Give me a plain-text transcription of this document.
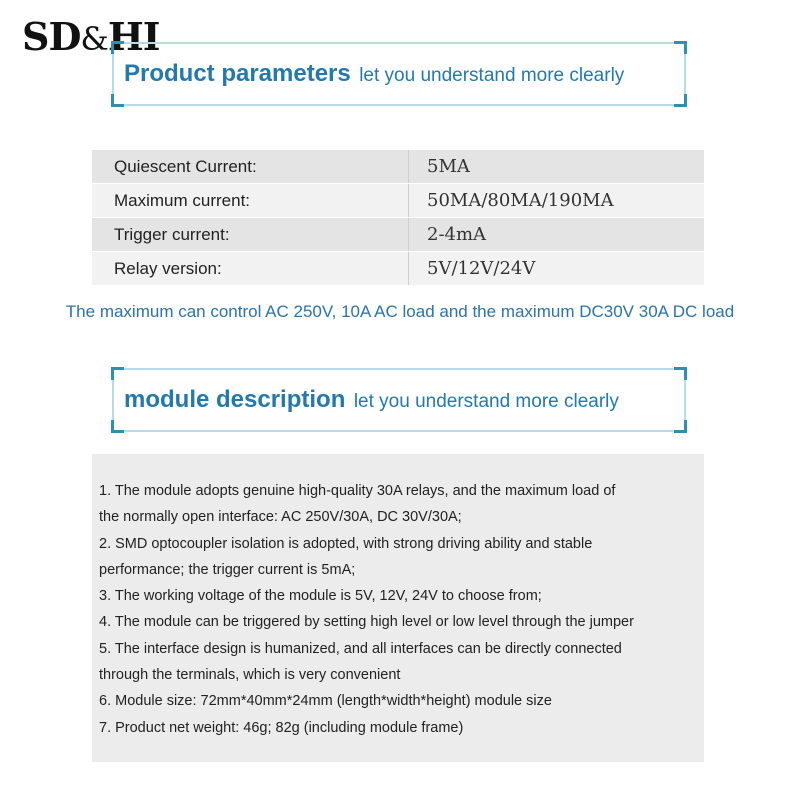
SD&HI
Product parameters let you understand more clearly
Quiescent Current:	5MA
Maximum current:	50MA/80MA/190MA
Trigger current:	2-4mA
Relay version:	5V/12V/24V
The maximum can control AC 250V, 10A AC load and the maximum DC30V 30A DC load
module description let you understand more clearly

1. The module adopts genuine high-quality 30A relays, and the maximum load of

the normally open interface: AC 250V/30A, DC 30V/30A;

2. SMD optocoupler isolation is adopted, with strong driving ability and stable

performance; the trigger current is 5mA;

3. The working voltage of the module is 5V, 12V, 24V to choose from;

4. The module can be triggered by setting high level or low level through the jumper

5. The interface design is humanized, and all interfaces can be directly connected

through the terminals, which is very convenient

6. Module size: 72mm*40mm*24mm (length*width*height) module size

7. Product net weight: 46g; 82g (including module frame)
